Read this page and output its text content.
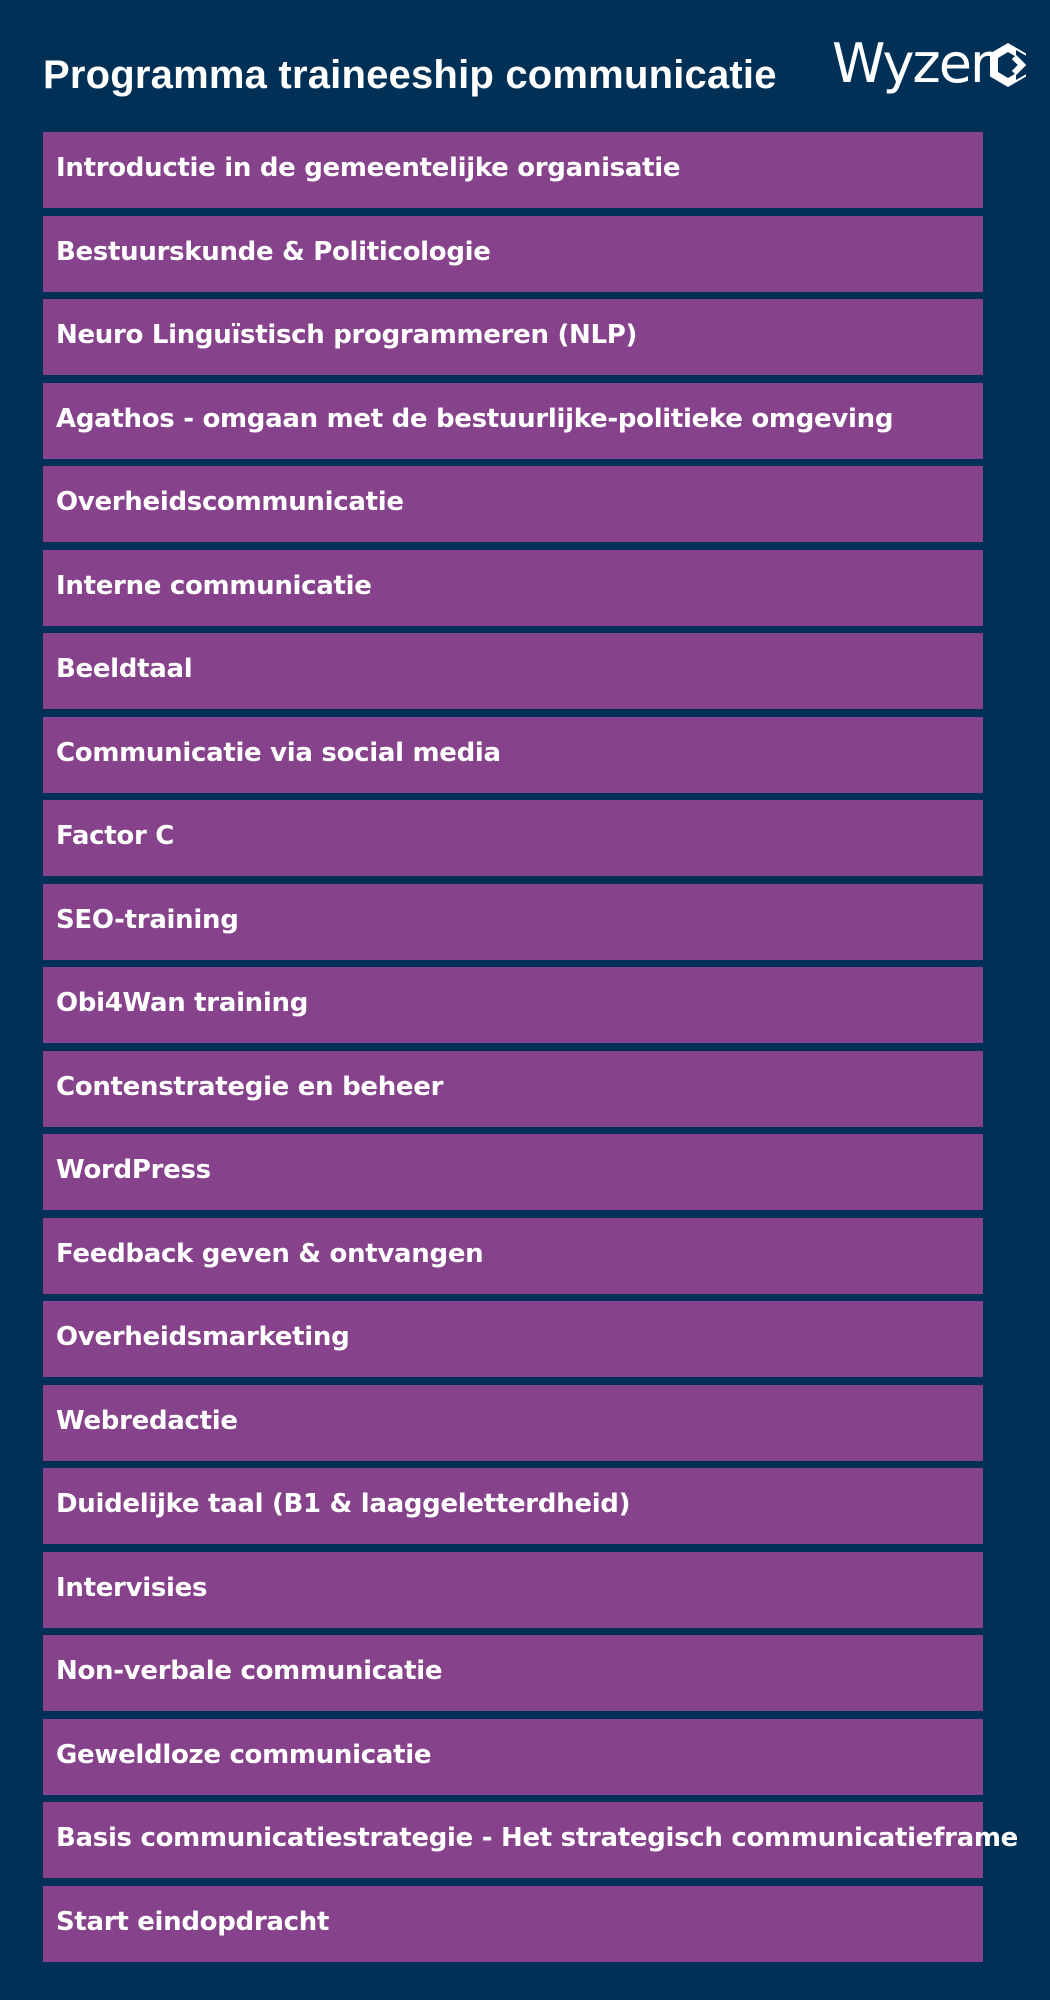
Programma traineeship communicatie Wyzer
Introductie in de gemeentelijke organisatie
Bestuurskunde & Politicologie
Neuro Linguïstisch programmeren (NLP)
Agathos - omgaan met de bestuurlijke-politieke omgeving
Overheidscommunicatie
Interne communicatie
Beeldtaal
Communicatie via social media
Factor C
SEO-training
Obi4Wan training
Contenstrategie en beheer
WordPress
Feedback geven & ontvangen
Overheidsmarketing
Webredactie
Duidelijke taal (B1 & laaggeletterdheid)
Intervisies
Non-verbale communicatie
Geweldloze communicatie
Basis communicatiestrategie - Het strategisch communicatieframe
Start eindopdracht
